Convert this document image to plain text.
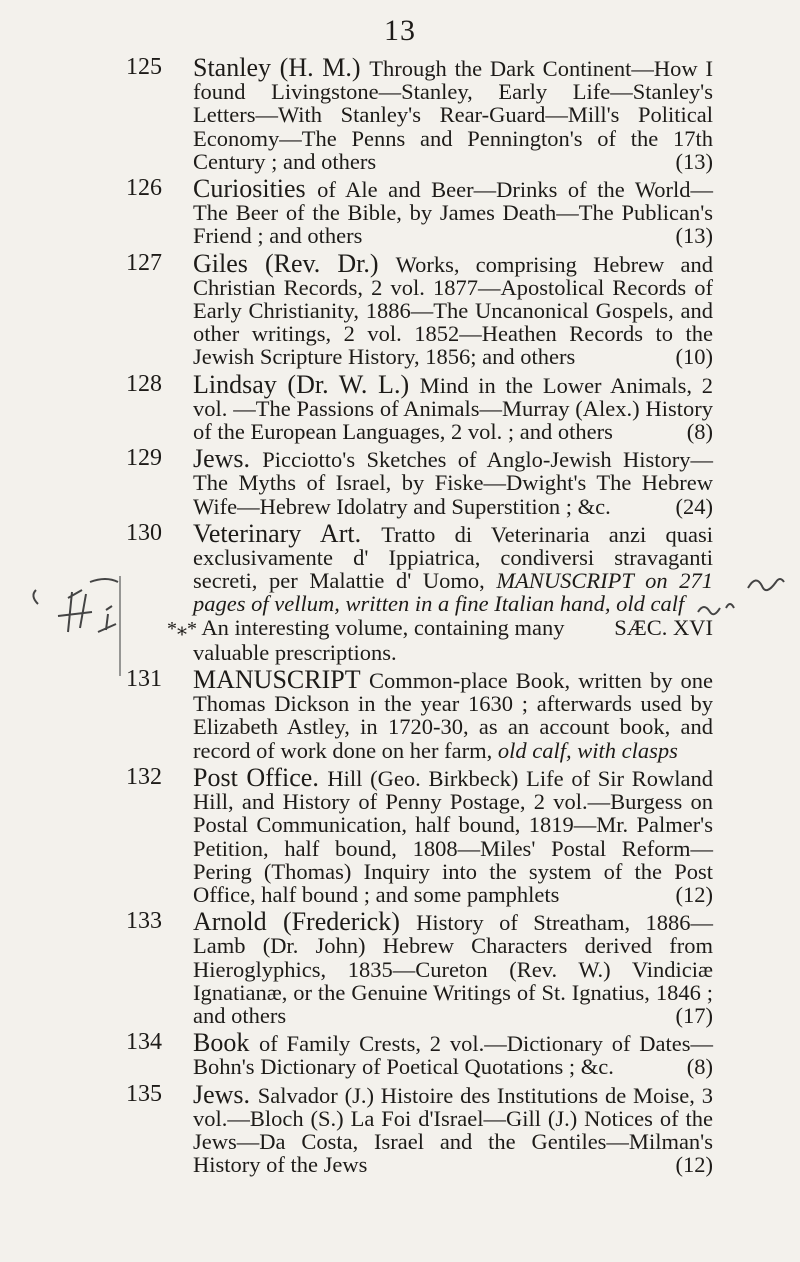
13
125	Stanley (H. M.) Through the Dark Continent—How I found Livingstone—Stanley, Early Life—Stanley's Letters—With Stanley's Rear-Guard—Mill's Political Economy—The Penns and Pennington's of the 17th Century ; and others	(13)
126	Curiosities of Ale and Beer—Drinks of the World—The Beer of the Bible, by James Death—The Publican's Friend ; and others	(13)
127	Giles (Rev. Dr.) Works, comprising Hebrew and Christian Records, 2 vol. 1877—Apostolical Records of Early Christianity, 1886—The Uncanonical Gospels, and other writings, 2 vol. 1852—Heathen Records to the Jewish Scripture History, 1856; and others	(10)
128	Lindsay (Dr. W. L.) Mind in the Lower Animals, 2 vol. —The Passions of Animals—Murray (Alex.) History of the European Languages, 2 vol. ; and others	(8)
129	Jews. Picciotto's Sketches of Anglo-Jewish History—The Myths of Israel, by Fiske—Dwight's The Hebrew Wife—Hebrew Idolatry and Superstition ; &c.	(24)
130	Veterinary Art. Tratto di Veterinaria anzi quasi exclusivamente d' Ippiatrica, condiversi stravaganti secreti, per Malattie d' Uomo, MANUSCRIPT on 271 pages of vellum, written in a fine Italian hand, old calf
SÆC. XVI
*⁎* An interesting volume, containing many valuable prescriptions.
131	MANUSCRIPT Common-place Book, written by one Thomas Dickson in the year 1630 ; afterwards used by Elizabeth Astley, in 1720-30, as an account book, and record of work done on her farm, old calf, with clasps
132	Post Office. Hill (Geo. Birkbeck) Life of Sir Rowland Hill, and History of Penny Postage, 2 vol.—Burgess on Postal Communication, half bound, 1819—Mr. Palmer's Petition, half bound, 1808—Miles' Postal Reform—Pering (Thomas) Inquiry into the system of the Post Office, half bound ; and some pamphlets	(12)
133	Arnold (Frederick) History of Streatham, 1886—Lamb (Dr. John) Hebrew Characters derived from Hieroglyphics, 1835—Cureton (Rev. W.) Vindiciæ Ignatianæ, or the Genuine Writings of St. Ignatius, 1846 ; and others	(17)
134	Book of Family Crests, 2 vol.—Dictionary of Dates—Bohn's Dictionary of Poetical Quotations ; &c.	(8)
135	Jews. Salvador (J.) Histoire des Institutions de Moise, 3 vol.—Bloch (S.) La Foi d'Israel—Gill (J.) Notices of the Jews—Da Costa, Israel and the Gentiles—Milman's History of the Jews	(12)
